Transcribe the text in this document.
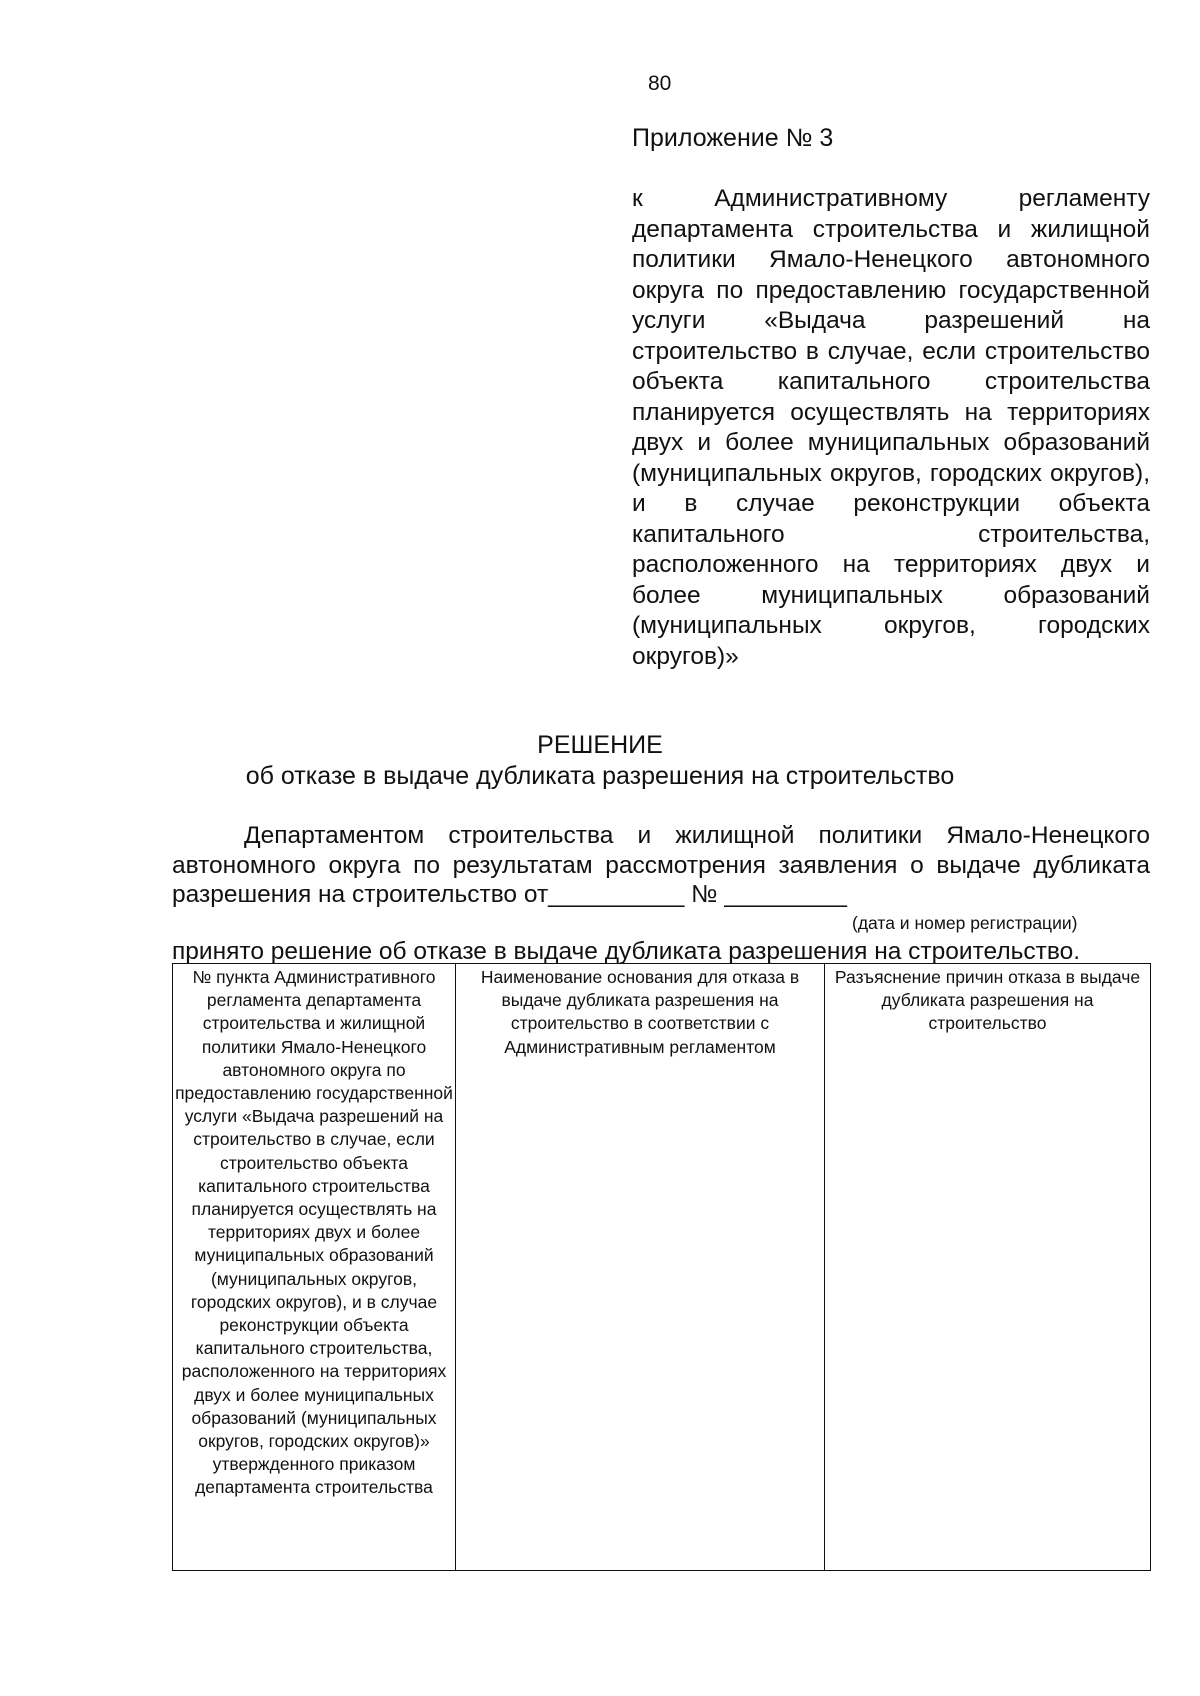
80
Приложение № 3
к Административному регламенту департамента строительства и жилищной политики Ямало-Ненецкого автономного округа по предоставлению государственной услуги «Выдача разрешений на строительство в случае, если строительство объекта капитального строительства планируется осуществлять на территориях двух и более муниципальных образований (муниципальных округов, городских округов), и в случае реконструкции объекта капитального строительства, расположенного на территориях двух и более муниципальных образований (муниципальных округов, городских округов)»
РЕШЕНИЕ
об отказе в выдаче дубликата разрешения на строительство
Департаментом строительства и жилищной политики Ямало-Ненецкого автономного округа по результатам рассмотрения заявления о выдаче дубликата разрешения на строительство от__________ № _________
(дата и номер регистрации)
принято решение об отказе в выдаче дубликата разрешения на строительство.
№ пункта Административного регламента департамента строительства и жилищной политики Ямало-Ненецкого автономного округа по предоставлению государственной услуги «Выдача разрешений на строительство в случае, если строительство объекта капитального строительства планируется осуществлять на территориях двух и более муниципальных образований (муниципальных округов, городских округов), и в случае реконструкции объекта капитального строительства, расположенного на территориях двух и более муниципальных образований (муниципальных округов, городских округов)» утвержденного приказом департамента строительства	Наименование основания для отказа в выдаче дубликата разрешения на строительство в соответствии с Административным регламентом	Разъяснение причин отказа в выдаче дубликата разрешения на строительство
